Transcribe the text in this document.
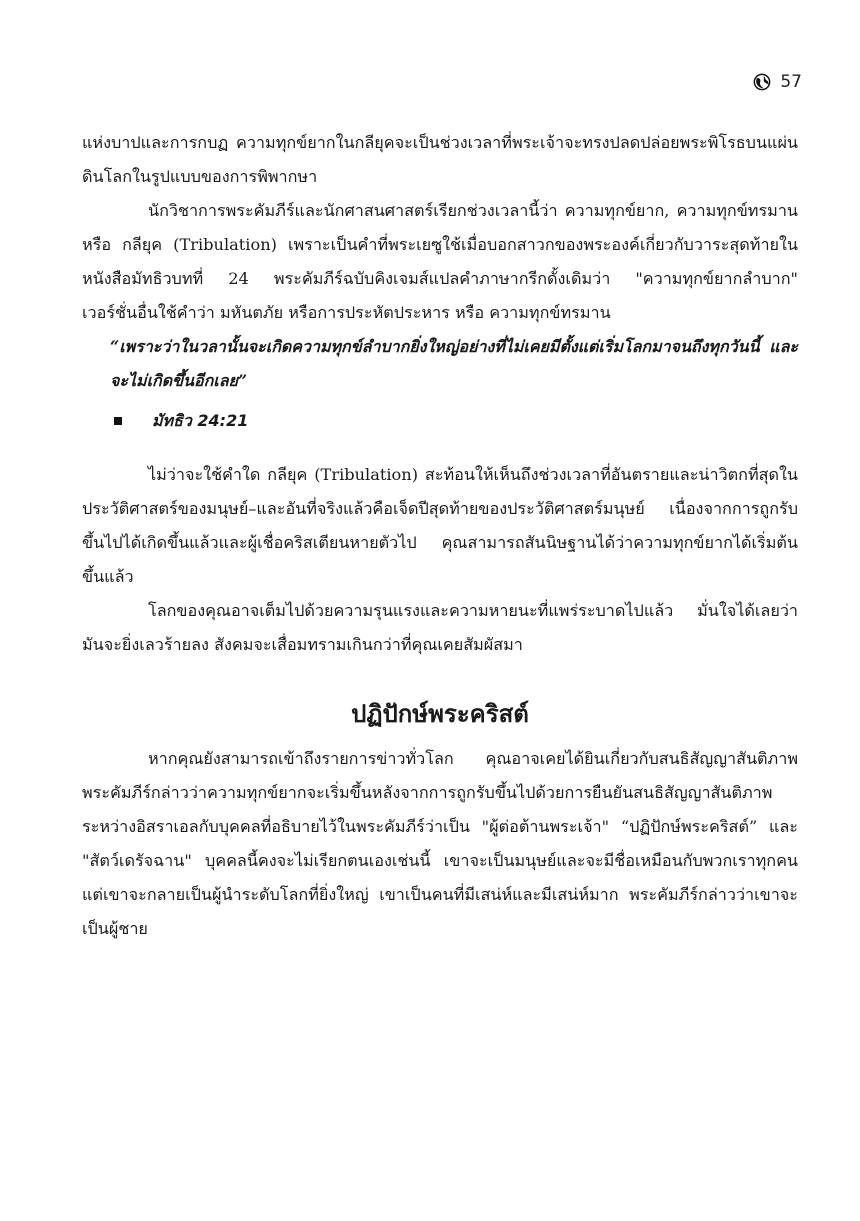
57

แห่งบาปและการกบฏ ความทุกข์ยากในกลียุคจะเป็นช่วงเวลาที่พระเจ้าจะทรงปลดปล่อยพระพิโรธบนแผ่นดินโลกในรูปแบบของการพิพากษา

นักวิชาการพระคัมภีร์และนักศาสนศาสตร์เรียกช่วงเวลานี้ว่า ความทุกข์ยาก, ความทุกข์ทรมาน หรือ กลียุค (Tribulation) เพราะเป็นคำที่พระเยซูใช้เมื่อบอกสาวกของพระองค์เกี่ยวกับวาระสุดท้ายในหนังสือมัทธิวบทที่ 24 พระคัมภีร์ฉบับคิงเจมส์แปลคำภาษากรีกดั้งเดิมว่า "ความทุกข์ยากลำบาก" เวอร์ชั่นอื่นใช้คำว่า มหันตภัย หรือการประหัตประหาร หรือ ความทุกข์ทรมาน

“เพราะว่าในวลานั้นจะเกิดความทุกข์ลำบากยิ่งใหญ่อย่างที่ไม่เคยมีตั้งแต่เริ่มโลกมาจนถึงทุกวันนี้ และจะไม่เกิดขึ้นอีกเลย”

มัทธิว 24:21

ไม่ว่าจะใช้คำใด กลียุค (Tribulation) สะท้อนให้เห็นถึงช่วงเวลาที่อันตรายและน่าวิตกที่สุดในประวัติศาสตร์ของมนุษย์–และอันที่จริงแล้วคือเจ็ดปีสุดท้ายของประวัติศาสตร์มนุษย์ เนื่องจากการถูกรับขึ้นไปได้เกิดขึ้นแล้วและผู้เชื่อคริสเตียนหายตัวไป คุณสามารถสันนิษฐานได้ว่าความทุกข์ยากได้เริ่มต้นขึ้นแล้ว

โลกของคุณอาจเต็มไปด้วยความรุนแรงและความหายนะที่แพร่ระบาดไปแล้ว มั่นใจได้เลยว่า มันจะยิ่งเลวร้ายลง สังคมจะเสื่อมทรามเกินกว่าที่คุณเคยสัมผัสมา

ปฏิปักษ์พระคริสต์

หากคุณยังสามารถเข้าถึงรายการข่าวทั่วโลก คุณอาจเคยได้ยินเกี่ยวกับสนธิสัญญาสันติภาพ พระคัมภีร์กล่าวว่าความทุกข์ยากจะเริ่มขึ้นหลังจากการถูกรับขึ้นไปด้วยการยืนยันสนธิสัญญาสันติภาพระหว่างอิสราเอลกับบุคคลที่อธิบายไว้ในพระคัมภีร์ว่าเป็น "ผู้ต่อต้านพระเจ้า" “ปฏิปักษ์พระคริสต์” และ "สัตว์เดรัจฉาน" บุคคลนี้คงจะไม่เรียกตนเองเช่นนี้ เขาจะเป็นมนุษย์และจะมีชื่อเหมือนกับพวกเราทุกคน แต่เขาจะกลายเป็นผู้นำระดับโลกที่ยิ่งใหญ่ เขาเป็นคนที่มีเสน่ห์และมีเสน่ห์มาก พระคัมภีร์กล่าวว่าเขาจะเป็นผู้ชาย
